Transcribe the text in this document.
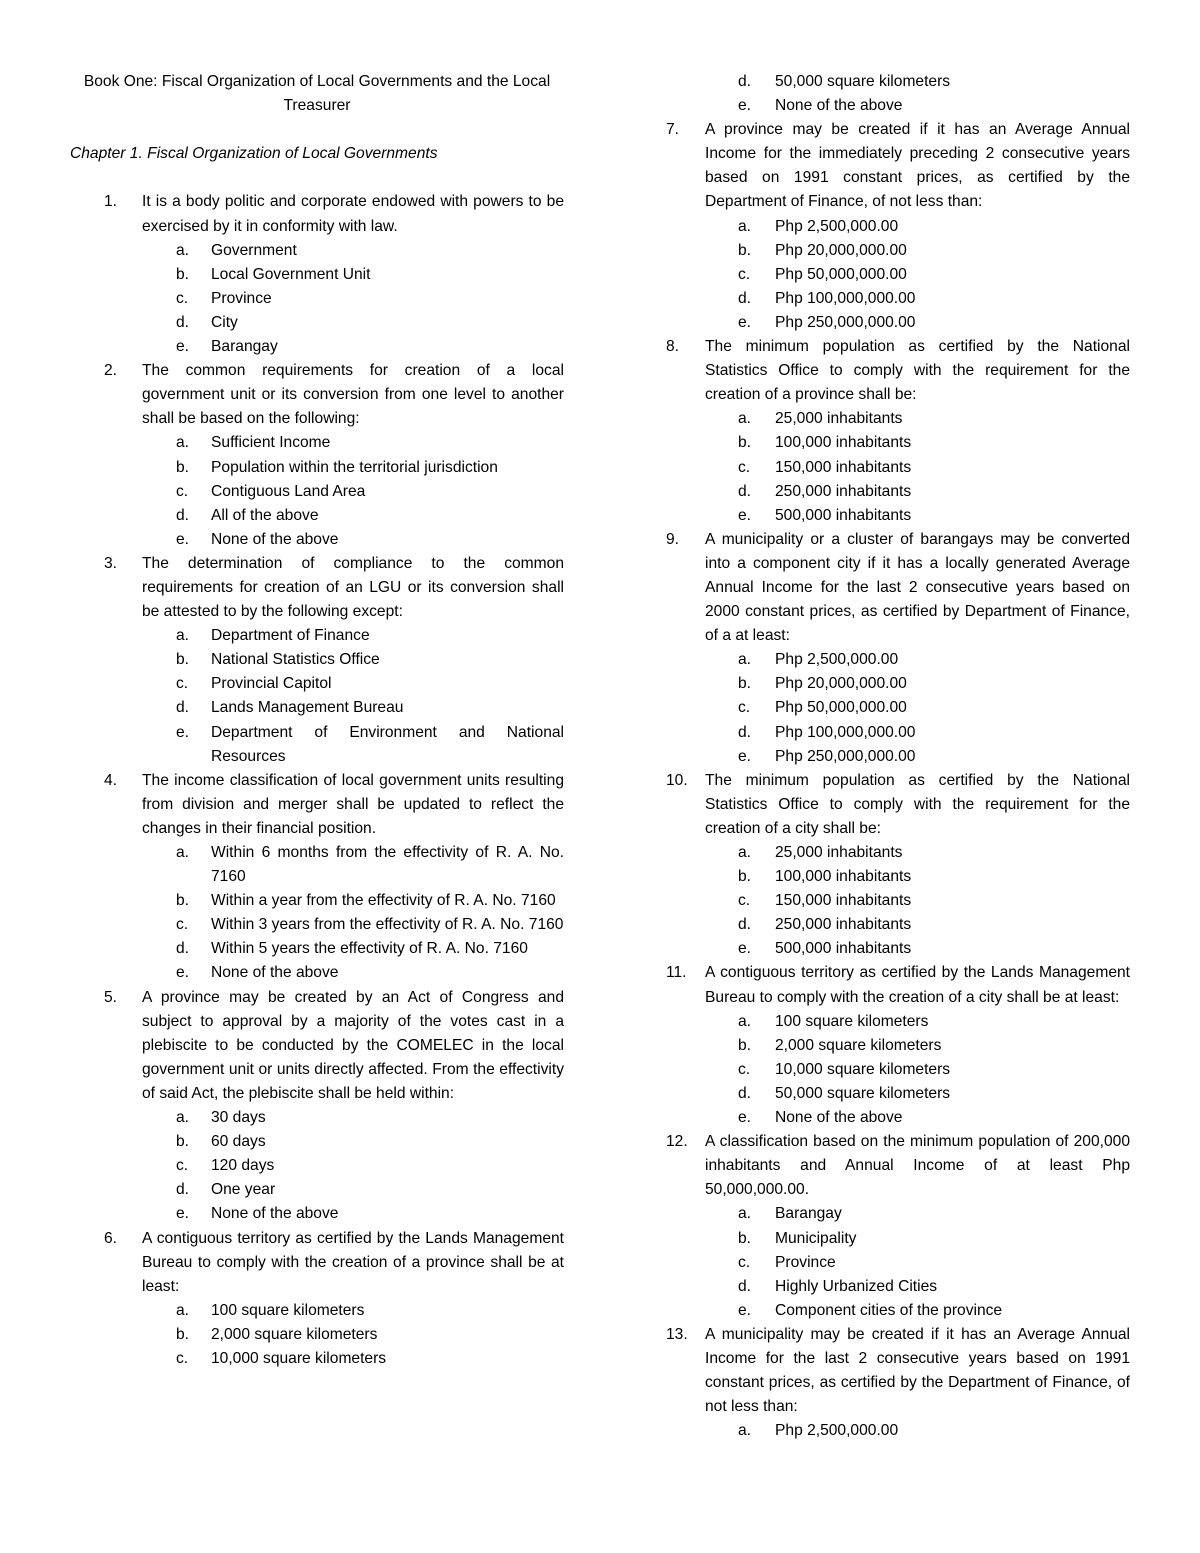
Book One: Fiscal Organization of Local Governments and the Local Treasurer

Chapter 1. Fiscal Organization of Local Governments
1. It is a body politic and corporate endowed with powers to be exercised by it in conformity with law.
a. Government
b. Local Government Unit
c. Province
d. City
e. Barangay
2. The common requirements for creation of a local government unit or its conversion from one level to another shall be based on the following:
a. Sufficient Income
b. Population within the territorial jurisdiction
c. Contiguous Land Area
d. All of the above
e. None of the above
3. The determination of compliance to the common requirements for creation of an LGU or its conversion shall be attested to by the following except:
a. Department of Finance
b. National Statistics Office
c. Provincial Capitol
d. Lands Management Bureau
e. Department of Environment and National Resources
4. The income classification of local government units resulting from division and merger shall be updated to reflect the changes in their financial position.
a. Within 6 months from the effectivity of R. A. No. 7160
b. Within a year from the effectivity of R. A. No. 7160
c. Within 3 years from the effectivity of R. A. No. 7160
d. Within 5 years the effectivity of R. A. No. 7160
e. None of the above
5. A province may be created by an Act of Congress and subject to approval by a majority of the votes cast in a plebiscite to be conducted by the COMELEC in the local government unit or units directly affected. From the effectivity of said Act, the plebiscite shall be held within:
a. 30 days
b. 60 days
c. 120 days
d. One year
e. None of the above
6. A contiguous territory as certified by the Lands Management Bureau to comply with the creation of a province shall be at least:
a. 100 square kilometers
b. 2,000 square kilometers
c. 10,000 square kilometers
d. 50,000 square kilometers
e. None of the above
7. A province may be created if it has an Average Annual Income for the immediately preceding 2 consecutive years based on 1991 constant prices, as certified by the Department of Finance, of not less than:
a. Php 2,500,000.00
b. Php 20,000,000.00
c. Php 50,000,000.00
d. Php 100,000,000.00
e. Php 250,000,000.00
8. The minimum population as certified by the National Statistics Office to comply with the requirement for the creation of a province shall be:
a. 25,000 inhabitants
b. 100,000 inhabitants
c. 150,000 inhabitants
d. 250,000 inhabitants
e. 500,000 inhabitants
9. A municipality or a cluster of barangays may be converted into a component city if it has a locally generated Average Annual Income for the last 2 consecutive years based on 2000 constant prices, as certified by Department of Finance, of a at least:
a. Php 2,500,000.00
b. Php 20,000,000.00
c. Php 50,000,000.00
d. Php 100,000,000.00
e. Php 250,000,000.00
10. The minimum population as certified by the National Statistics Office to comply with the requirement for the creation of a city shall be:
a. 25,000 inhabitants
b. 100,000 inhabitants
c. 150,000 inhabitants
d. 250,000 inhabitants
e. 500,000 inhabitants
11. A contiguous territory as certified by the Lands Management Bureau to comply with the creation of a city shall be at least:
a. 100 square kilometers
b. 2,000 square kilometers
c. 10,000 square kilometers
d. 50,000 square kilometers
e. None of the above
12. A classification based on the minimum population of 200,000 inhabitants and Annual Income of at least Php 50,000,000.00.
a. Barangay
b. Municipality
c. Province
d. Highly Urbanized Cities
e. Component cities of the province
13. A municipality may be created if it has an Average Annual Income for the last 2 consecutive years based on 1991 constant prices, as certified by the Department of Finance, of not less than:
a. Php 2,500,000.00
